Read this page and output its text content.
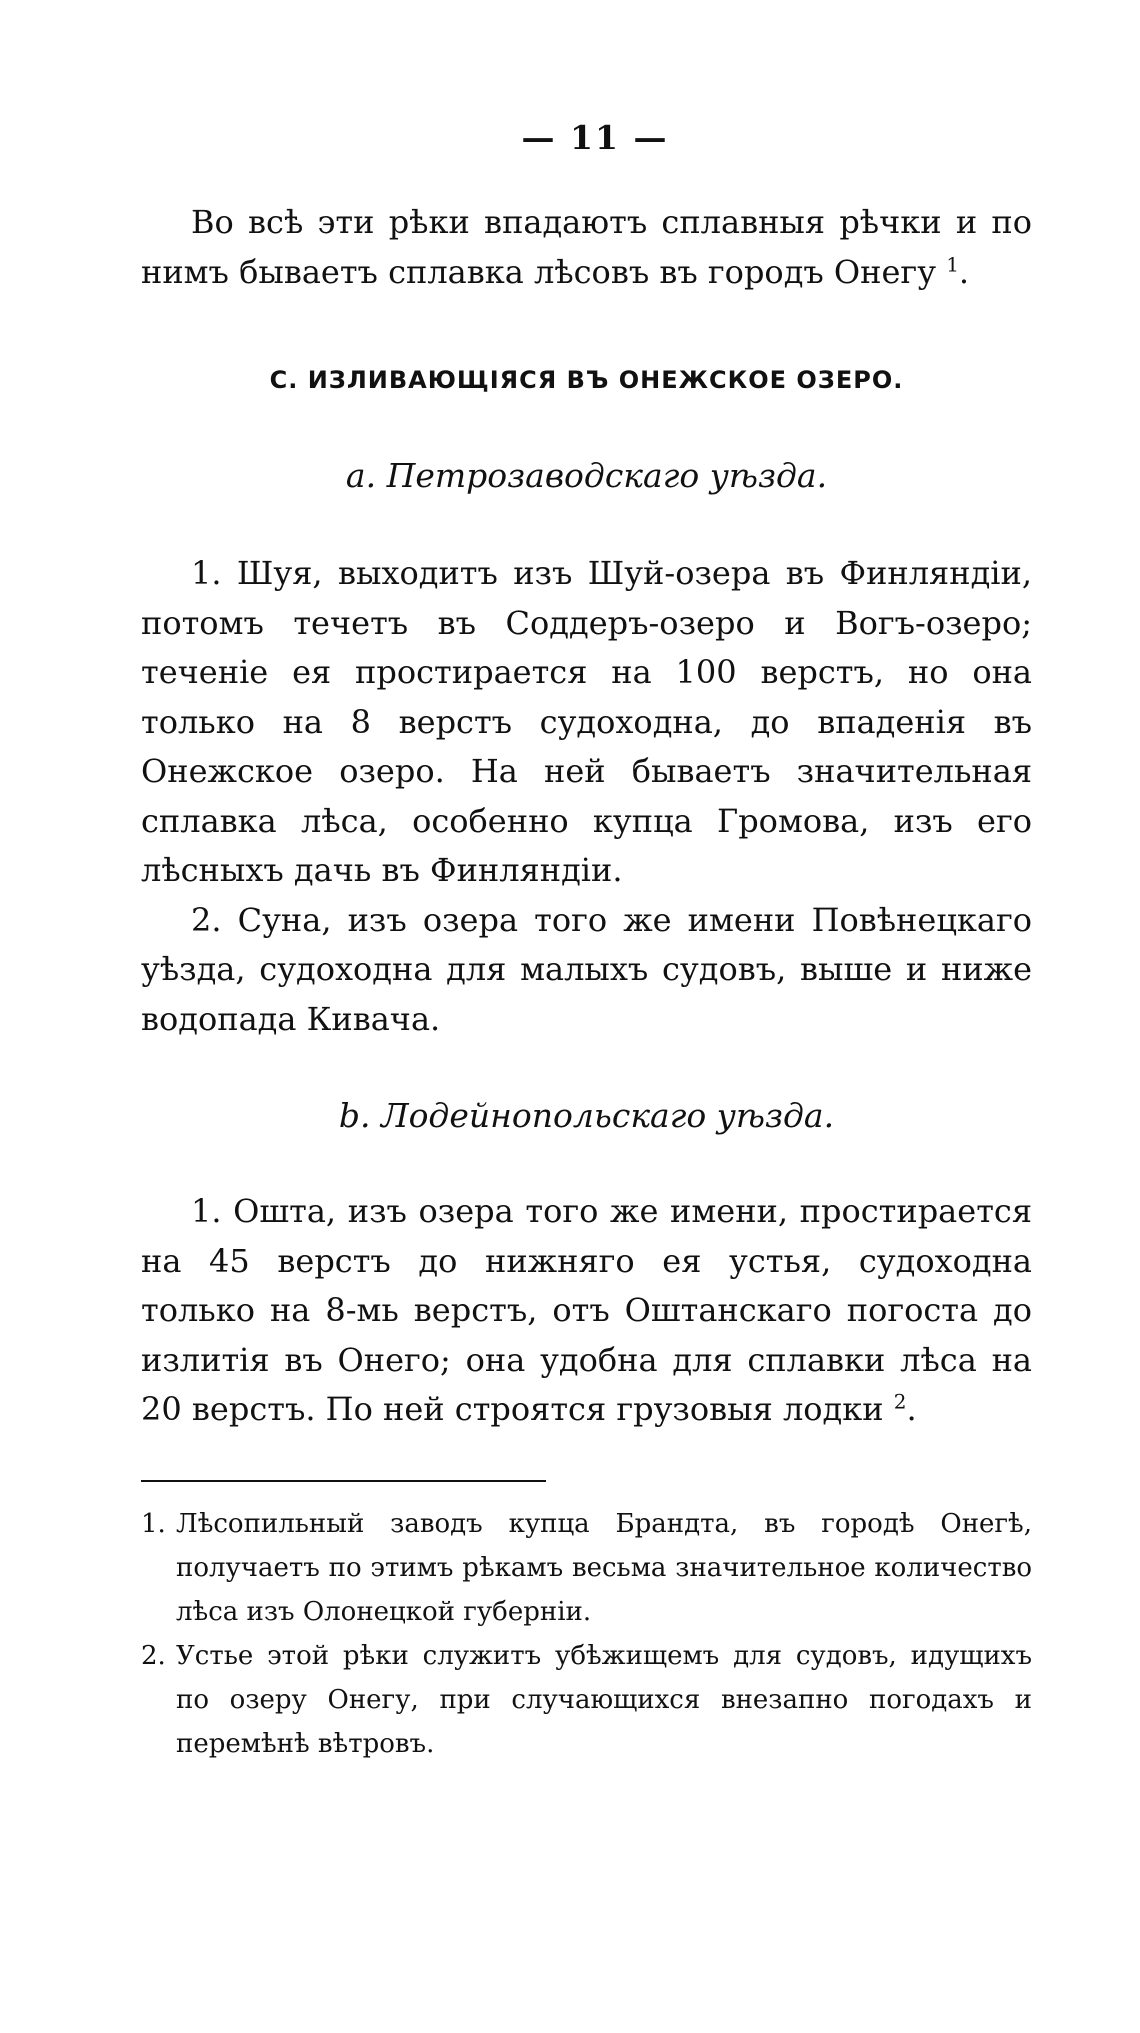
— 11 —
Во всѣ эти рѣки впадаютъ сплавныя рѣчки и по нимъ бываетъ сплавка лѣсовъ въ городъ Онегу $^1$.
C. ИЗЛИВАЮЩІЯСЯ ВЪ ОНЕЖСКОЕ ОЗЕРО.
a. Петрозаводскаго уѣзда.
1. Шуя, выходитъ изъ Шуй-озера въ Финляндіи, потомъ течетъ въ Соддеръ-озеро и Вогъ-озеро; теченіе ея простирается на 100 верстъ, но она только на 8 верстъ судоходна, до впаденія въ Онежское озеро. На ней бываетъ значительная сплавка лѣса, особенно купца Громова, изъ его лѣсныхъ дачь въ Финляндіи.
2. Суна, изъ озера того же имени Повѣнецкаго уѣзда, судоходна для малыхъ судовъ, выше и ниже водопада Кивача.
b. Лодейнопольскаго уѣзда.
1. Ошта, изъ озера того же имени, простирается на 45 верстъ до нижняго ея устья, судоходна только на 8-мь верстъ, отъ Оштанскаго погоста до излитія въ Онего; она удобна для сплавки лѣса на 20 верстъ. По ней строятся грузовыя лодки $^2$.
1. Лѣсопильный заводъ купца Брандта, въ городѣ Онегѣ, получаетъ по этимъ рѣкамъ весьма значительное количество лѣса изъ Олонецкой губерніи.
2. Устье этой рѣки служитъ убѣжищемъ для судовъ, идущихъ по озеру Онегу, при случающихся внезапно погодахъ и перемѣнѣ вѣтровъ.
